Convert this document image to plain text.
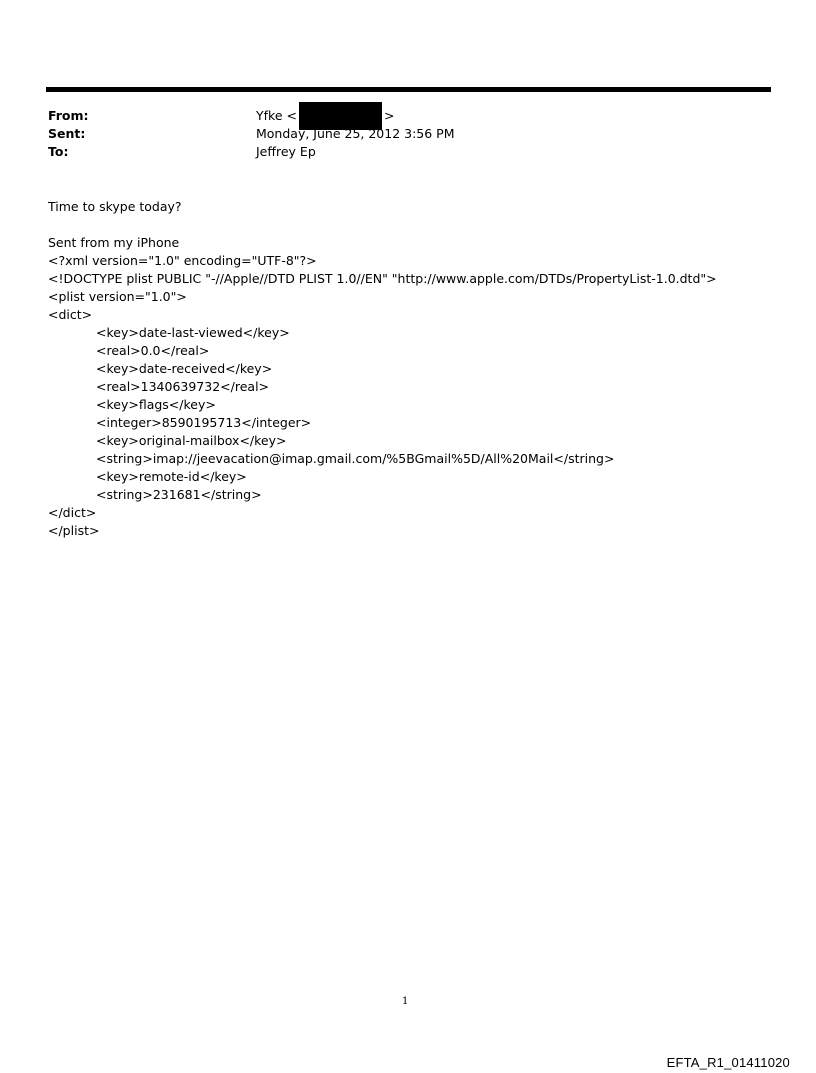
From:	Yfke <	>
Sent:	Monday, June 25, 2012 3:56 PM
To:	Jeffrey Ep
Time to skype today?
Sent from my iPhone
<?xml version="1.0" encoding="UTF-8"?>
<!DOCTYPE plist PUBLIC "-//Apple//DTD PLIST 1.0//EN" "http://www.apple.com/DTDs/PropertyList-1.0.dtd">
<plist version="1.0">
<dict>
<key>date-last-viewed</key>
<real>0.0</real>
<key>date-received</key>
<real>1340639732</real>
<key>flags</key>
<integer>8590195713</integer>
<key>original-mailbox</key>
<string>imap://jeevacation@imap.gmail.com/%5BGmail%5D/All%20Mail</string>
<key>remote-id</key>
<string>231681</string>
</dict>
</plist>
1
EFTA_R1_01411020
